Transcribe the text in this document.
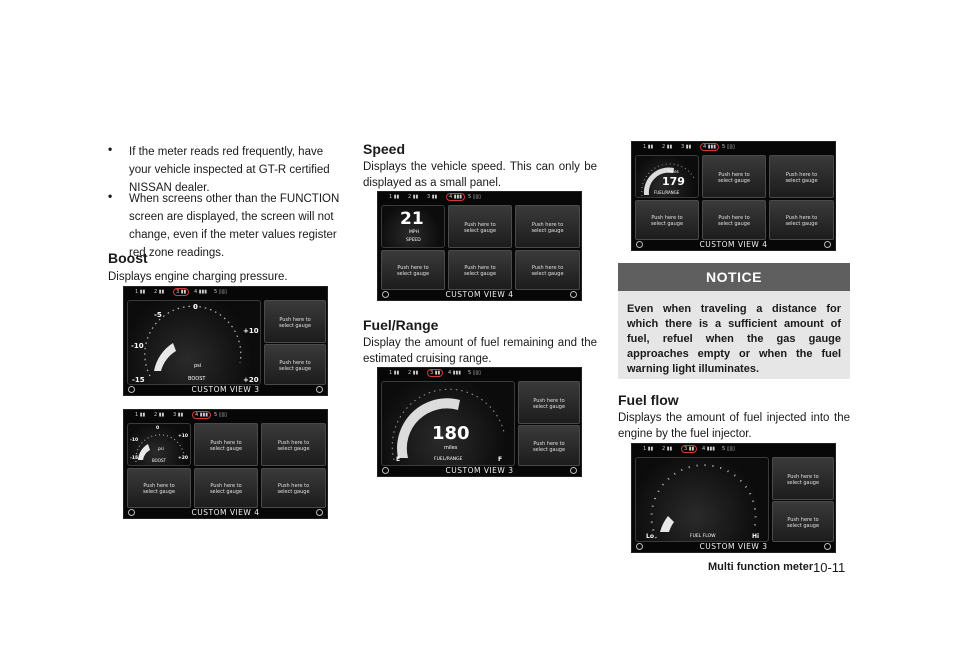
• If the meter reads red frequently, have your vehicle inspected at GT-R certified NISSAN dealer.
• When screens other than the FUNCTION screen are displayed, the screen will not change, even if the meter values register red zone readings.
Boost
Displays engine charging pressure.
1 ▮▮ 2 ▮▮	3 ▮▮	4 ▮▮▮ 5 ▯▯▯
-5
0
+10
-10
-15	+20
psi
BOOST
Push here to
select gauge
Push here to
select gauge
CUSTOM VIEW 3
1 ▮▮ 2 ▮▮ 3 ▮▮	4 ▮▮▮	5 ▯▯▯
0
+10
-10
-15	+20
psi
BOOST
Push here to
select gauge
Push here to
select gauge
Push here to
select gauge
Push here to
select gauge
Push here to
select gauge
CUSTOM VIEW 4
Speed
Displays the vehicle speed. This can only be displayed as a small panel.
1 ▮▮ 2 ▮▮ 3 ▮▮	4 ▮▮▮	5 ▯▯▯
21
MPH
SPEED
Push here to
select gauge
Push here to
select gauge
Push here to
select gauge
Push here to
select gauge
Push here to
select gauge
CUSTOM VIEW 4
Fuel/Range
Display the amount of fuel remaining and the estimated cruising range.
1 ▮▮ 2 ▮▮	3 ▮▮	4 ▮▮▮ 5 ▯▯▯
180
miles
FUEL/RANGE
E	F
Push here to
select gauge
Push here to
select gauge
CUSTOM VIEW 3
1 ▮▮ 2 ▮▮ 3 ▮▮	4 ▮▮▮	5 ▯▯▯
miles
179
FUEL/RANGE
Push here to
select gauge
Push here to
select gauge
Push here to
select gauge
Push here to
select gauge
Push here to
select gauge
CUSTOM VIEW 4
NOTICE
Even when traveling a distance for which there is a sufficient amount of fuel, refuel when the gas gauge approaches empty or when the fuel warning light illuminates.
Fuel flow
Displays the amount of fuel injected into the engine by the fuel injector.
1 ▮▮ 2 ▮▮	3 ▮▮	4 ▮▮▮ 5 ▯▯▯
FUEL FLOW
Lo	Hi
Push here to
select gauge
Push here to
select gauge
CUSTOM VIEW 3
Multi function meter 10-11
